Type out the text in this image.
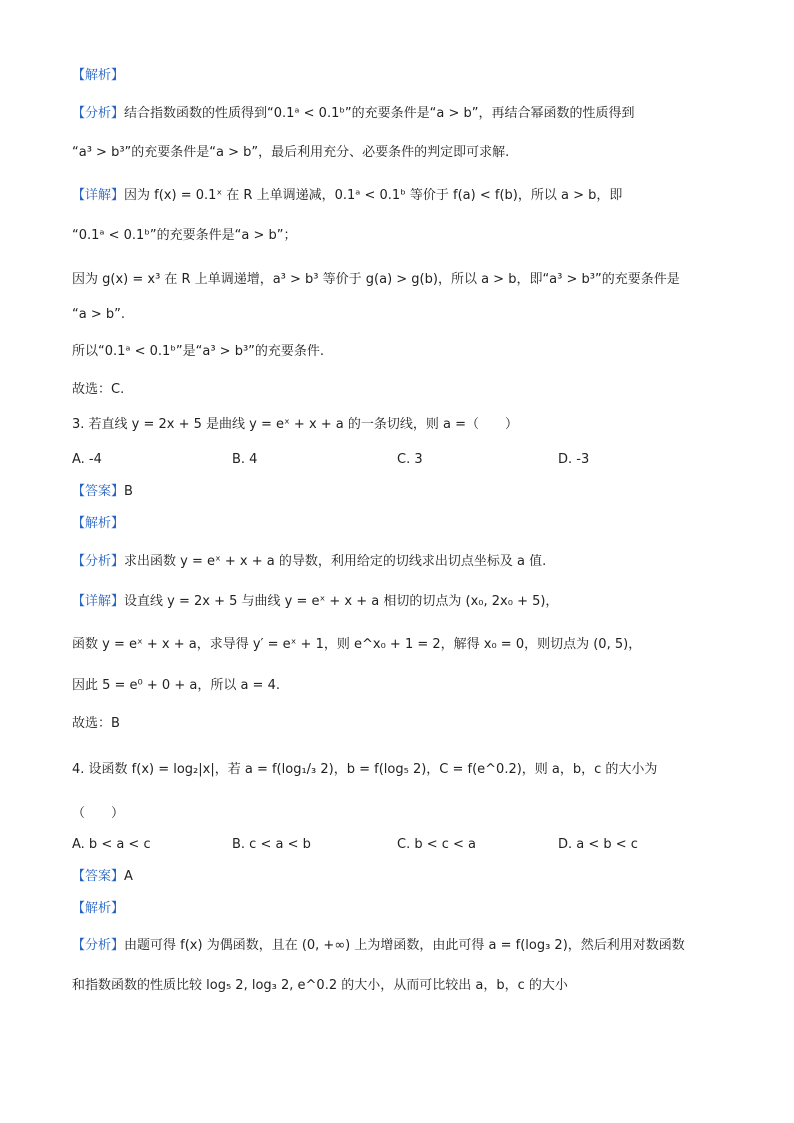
【解析】
【分析】结合指数函数的性质得到“0.1ᵃ < 0.1ᵇ”的充要条件是“a > b”，再结合幂函数的性质得到
“a³ > b³”的充要条件是“a > b”，最后利用充分、必要条件的判定即可求解.
【详解】因为 f(x) = 0.1ˣ 在 R 上单调递减，0.1ᵃ < 0.1ᵇ 等价于 f(a) < f(b)，所以 a > b，即
“0.1ᵃ < 0.1ᵇ”的充要条件是“a > b”；
因为 g(x) = x³ 在 R 上单调递增，a³ > b³ 等价于 g(a) > g(b)，所以 a > b，即“a³ > b³”的充要条件是
“a > b”.
所以“0.1ᵃ < 0.1ᵇ”是“a³ > b³”的充要条件.
故选：C.
3. 若直线 y = 2x + 5 是曲线 y = eˣ + x + a 的一条切线，则 a =（　　）
A. -4	B. 4	C. 3	D. -3
【答案】B
【解析】
【分析】求出函数 y = eˣ + x + a 的导数，利用给定的切线求出切点坐标及 a 值.
【详解】设直线 y = 2x + 5 与曲线 y = eˣ + x + a 相切的切点为 (x₀, 2x₀ + 5)，
函数 y = eˣ + x + a，求导得 y′ = eˣ + 1，则 e^x₀ + 1 = 2，解得 x₀ = 0，则切点为 (0, 5)，
因此 5 = e⁰ + 0 + a，所以 a = 4.
故选：B
4. 设函数 f(x) = log₂|x|，若 a = f(log₁/₃ 2)，b = f(log₅ 2)，C = f(e^0.2)，则 a，b，c 的大小为
（　　）
A. b < a < c	B. c < a < b	C. b < c < a	D. a < b < c
【答案】A
【解析】
【分析】由题可得 f(x) 为偶函数，且在 (0, +∞) 上为增函数，由此可得 a = f(log₃ 2)，然后利用对数函数
和指数函数的性质比较 log₅ 2, log₃ 2, e^0.2 的大小，从而可比较出 a，b，c 的大小
